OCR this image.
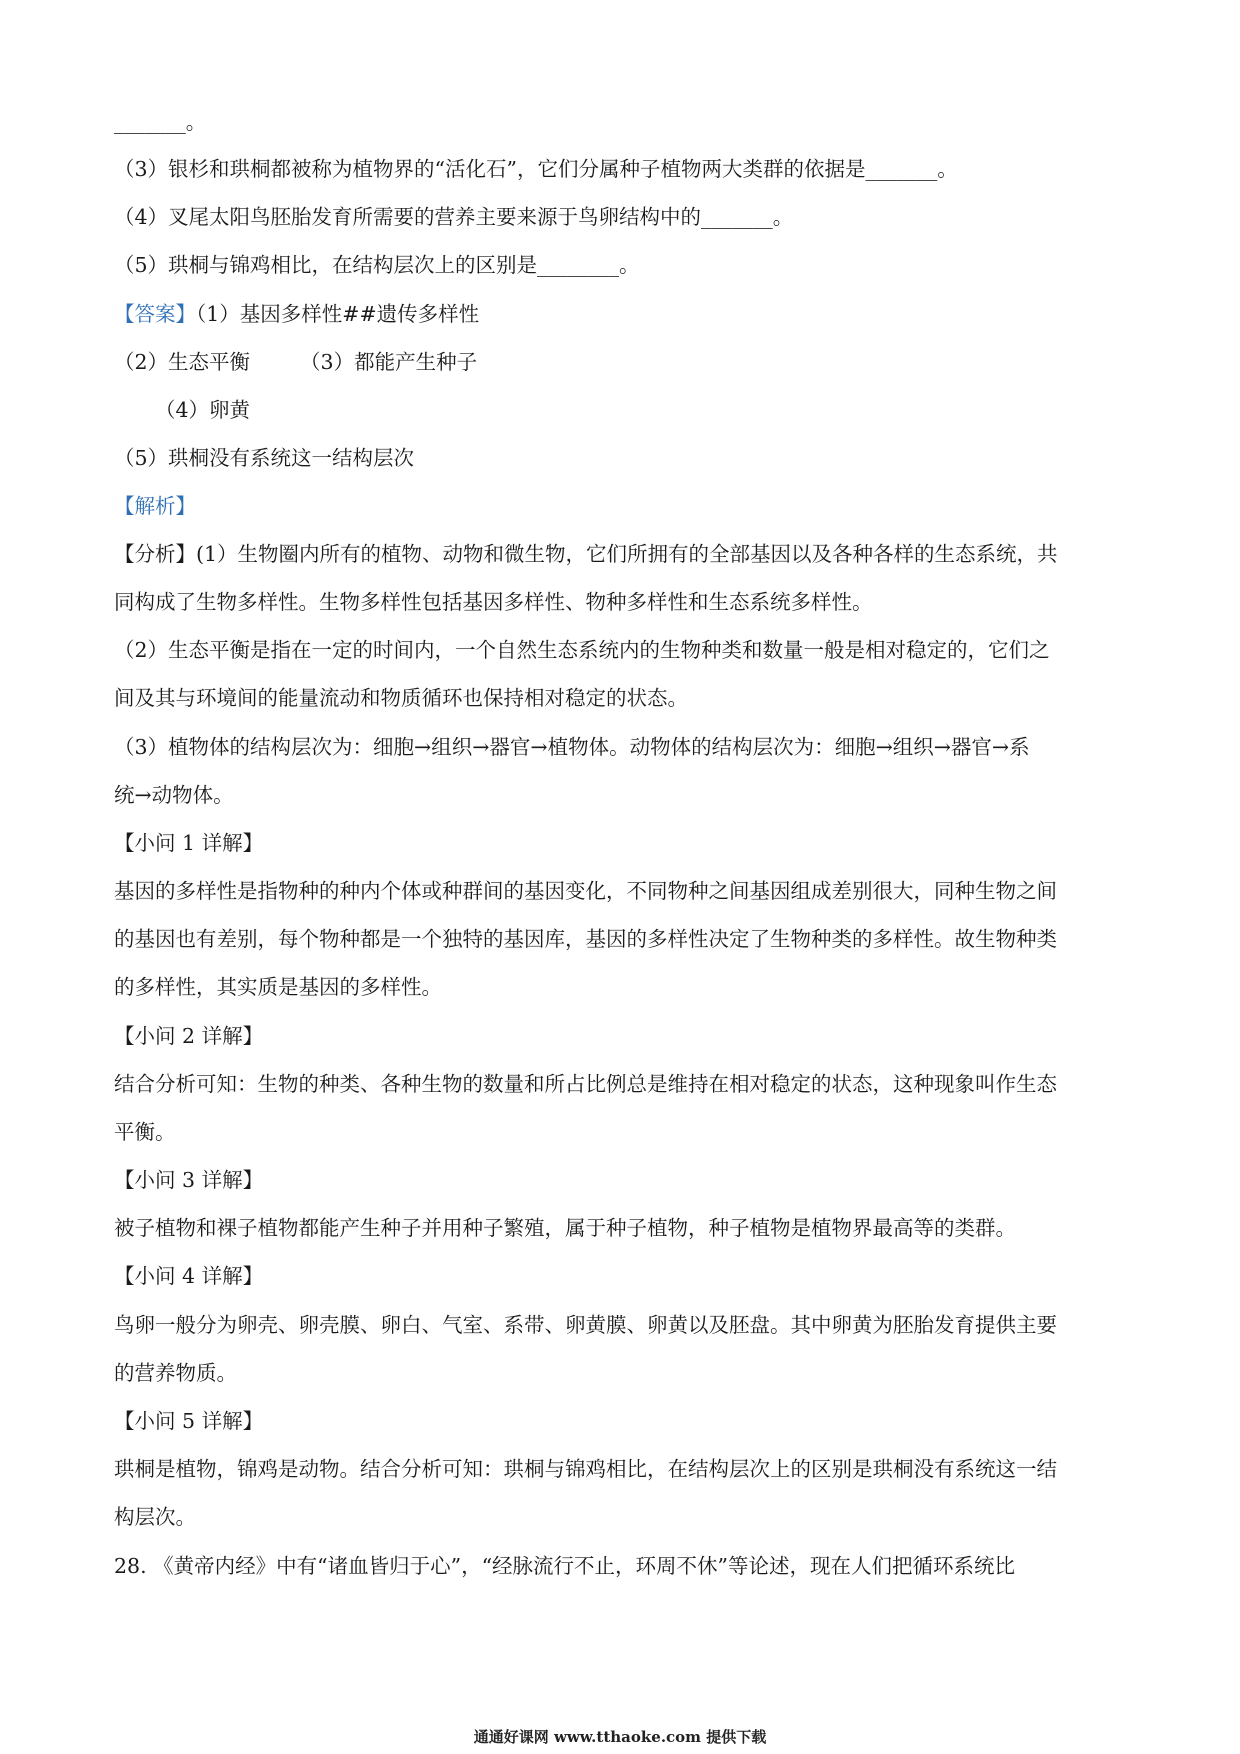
_______。
（3）银杉和珙桐都被称为植物界的“活化石”，它们分属种子植物两大类群的依据是_______。
（4）叉尾太阳鸟胚胎发育所需要的营养主要来源于鸟卵结构中的_______。
（5）珙桐与锦鸡相比，在结构层次上的区别是________。
【答案】（1）基因多样性##遗传多样性
（2）生态平衡 （3）都能产生种子
（4）卵黄
（5）珙桐没有系统这一结构层次
【解析】
【分析】(1）生物圈内所有的植物、动物和微生物，它们所拥有的全部基因以及各种各样的生态系统，共
同构成了生物多样性。生物多样性包括基因多样性、物种多样性和生态系统多样性。
（2）生态平衡是指在一定的时间内，一个自然生态系统内的生物种类和数量一般是相对稳定的，它们之
间及其与环境间的能量流动和物质循环也保持相对稳定的状态。
（3）植物体的结构层次为：细胞→组织→器官→植物体。动物体的结构层次为：细胞→组织→器官→系
统→动物体。
【小问 1 详解】
基因的多样性是指物种的种内个体或种群间的基因变化，不同物种之间基因组成差别很大，同种生物之间
的基因也有差别，每个物种都是一个独特的基因库，基因的多样性决定了生物种类的多样性。故生物种类
的多样性，其实质是基因的多样性。
【小问 2 详解】
结合分析可知：生物的种类、各种生物的数量和所占比例总是维持在相对稳定的状态，这种现象叫作生态
平衡。
【小问 3 详解】
被子植物和裸子植物都能产生种子并用种子繁殖，属于种子植物，种子植物是植物界最高等的类群。
【小问 4 详解】
鸟卵一般分为卵壳、卵壳膜、卵白、气室、系带、卵黄膜、卵黄以及胚盘。其中卵黄为胚胎发育提供主要
的营养物质。
【小问 5 详解】
珙桐是植物，锦鸡是动物。结合分析可知：珙桐与锦鸡相比，在结构层次上的区别是珙桐没有系统这一结
构层次。
28. 《黄帝内经》中有“诸血皆归于心”，“经脉流行不止，环周不休”等论述，现在人们把循环系统比
通通好课网 www.tthaoke.com 提供下载
